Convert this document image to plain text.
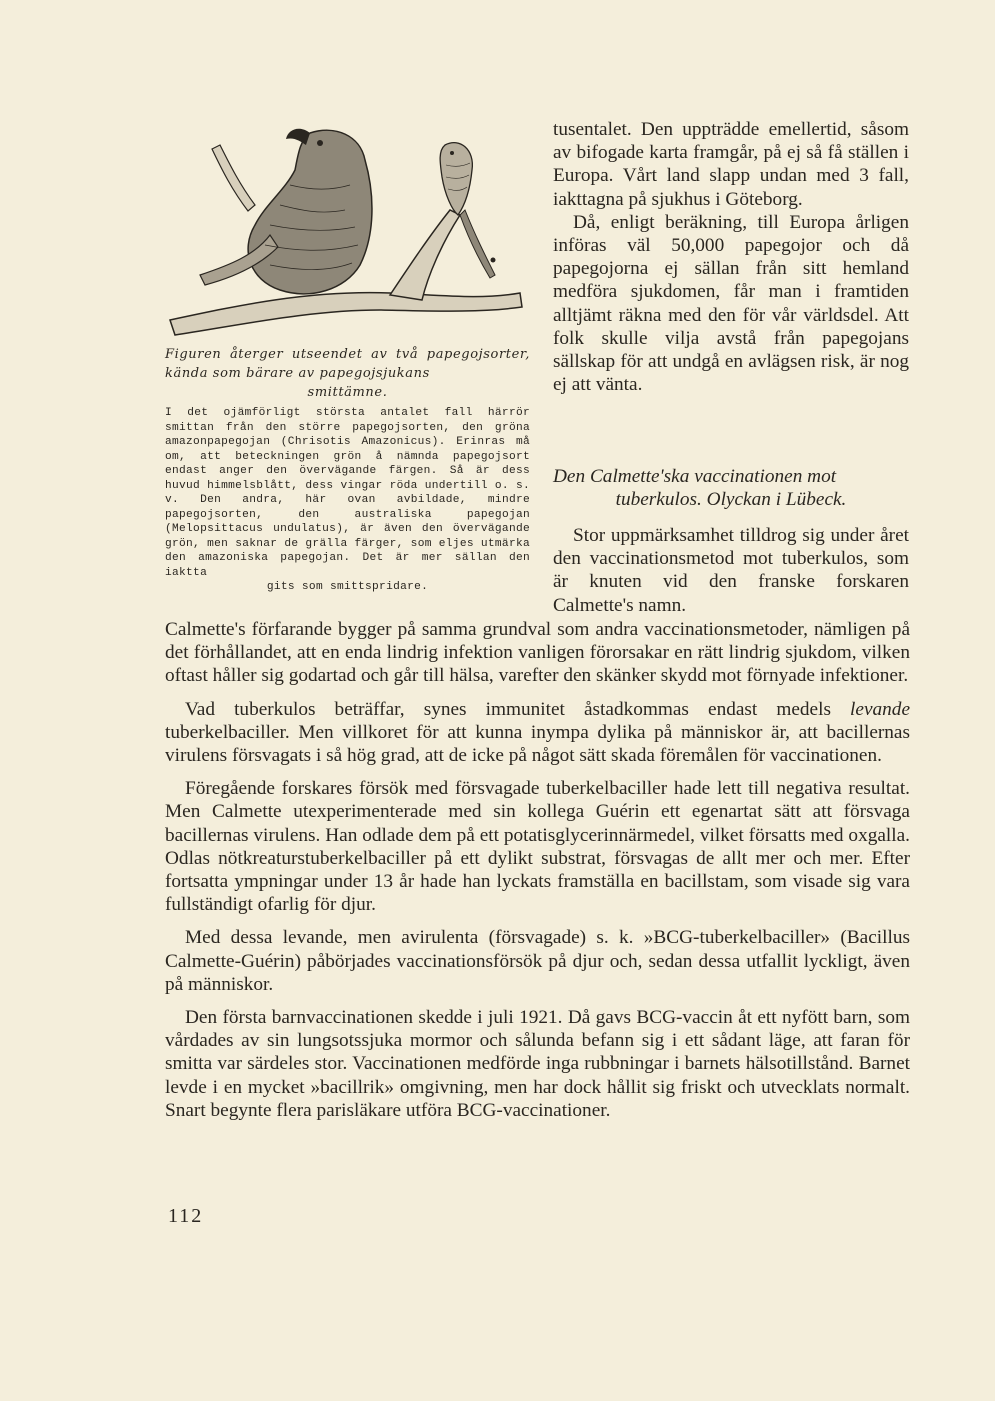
Figuren återger utseendet av två papegojsorter, kända som bärare av papegojsjukans
smittämne.
I det ojämförligt största antalet fall härrör smittan från den större papegojsorten, den gröna amazonpapegojan (Chrisotis Amazonicus). Erinras må om, att beteckningen grön å nämnda papegojsort endast anger den övervägande färgen. Så är dess huvud himmelsblått, dess vingar röda undertill o. s. v. Den andra, här ovan avbildade, mindre papegojsorten, den australiska papegojan (Melopsittacus undulatus), är även den övervägande grön, men saknar de grälla färger, som eljes utmärka den amazoniska papegojan. Det är mer sällan den iaktta
gits som smittspridare.

tusentalet. Den uppträdde emellertid, såsom av bifogade karta framgår, på ej så få ställen i Europa. Vårt land slapp undan med 3 fall, iakttagna på sjukhus i Göteborg.

Då, enligt beräkning, till Europa årligen införas väl 50,000 papegojor och då papegojorna ej sällan från sitt hemland medföra sjukdomen, får man i framtiden alltjämt räkna med den för vår världsdel. Att folk skulle vilja avstå från papegojans sällskap för att undgå en avlägsen risk, är nog ej att vänta.

Den Calmette'ska vaccinationen mot
tuberkulos. Olyckan i Lübeck.

Stor uppmärksamhet tilldrog sig under året den vaccinationsmetod mot tuberkulos, som är knuten vid den franske forskaren Calmette's namn.

Calmette's förfarande bygger på samma grundval som andra vaccinationsmetoder, nämligen på det förhållandet, att en enda lindrig infektion vanligen förorsakar en rätt lindrig sjukdom, vilken oftast håller sig godartad och går till hälsa, varefter den skänker skydd mot förnyade infektioner.

Vad tuberkulos beträffar, synes immunitet åstadkommas endast medels levande tuberkelbaciller. Men villkoret för att kunna inympa dylika på människor är, att bacillernas virulens försvagats i så hög grad, att de icke på något sätt skada föremålen för vaccinationen.

Föregående forskares försök med försvagade tuberkelbaciller hade lett till negativa resultat. Men Calmette utexperimenterade med sin kollega Guérin ett egenartat sätt att försvaga bacillernas virulens. Han odlade dem på ett potatisglycerinnärmedel, vilket försatts med oxgalla. Odlas nötkreaturstuberkelbaciller på ett dylikt substrat, försvagas de allt mer och mer. Efter fortsatta ympningar under 13 år hade han lyckats framställa en bacillstam, som visade sig vara fullständigt ofarlig för djur.

Med dessa levande, men avirulenta (försvagade) s. k. »BCG-tuberkelbaciller» (Bacillus Calmette-Guérin) påbörjades vaccinationsförsök på djur och, sedan dessa utfallit lyckligt, även på människor.

Den första barnvaccinationen skedde i juli 1921. Då gavs BCG-vaccin åt ett nyfött barn, som vårdades av sin lungsotssjuka mormor och sålunda befann sig i ett sådant läge, att faran för smitta var särdeles stor. Vaccinationen medförde inga rubbningar i barnets hälsotillstånd. Barnet levde i en mycket »bacillrik» omgivning, men har dock hållit sig friskt och utvecklats normalt. Snart begynte flera parisläkare utföra BCG-vaccinationer.

112
